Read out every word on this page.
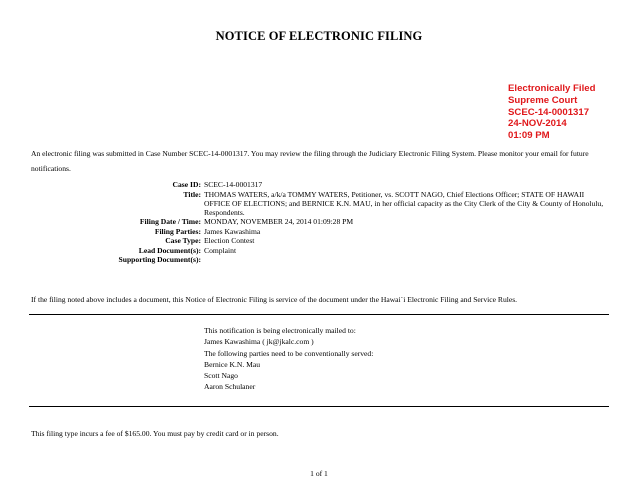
NOTICE OF ELECTRONIC FILING
Electronically Filed
Supreme Court
SCEC-14-0001317
24-NOV-2014
01:09 PM
An electronic filing was submitted in Case Number SCEC-14-0001317. You may review the filing through the Judiciary Electronic Filing System. Please monitor your email for future notifications.
Case ID:	SCEC-14-0001317
Title:	THOMAS WATERS, a/k/a TOMMY WATERS, Petitioner, vs. SCOTT NAGO, Chief Elections Officer; STATE OF HAWAII OFFICE OF ELECTIONS; and BERNICE K.N. MAU, in her official capacity as the City Clerk of the City & County of Honolulu, Respondents.
Filing Date / Time:	MONDAY, NOVEMBER 24, 2014 01:09:28 PM
Filing Parties:	James Kawashima
Case Type:	Election Contest
Lead Document(s):	Complaint
Supporting Document(s):	
If the filing noted above includes a document, this Notice of Electronic Filing is service of the document under the Hawai`i Electronic Filing and Service Rules.
This notification is being electronically mailed to:
James Kawashima ( jk@jkalc.com )
The following parties need to be conventionally served:
Bernice K.N. Mau
Scott Nago
Aaron Schulaner
This filing type incurs a fee of $165.00. You must pay by credit card or in person.
1 of 1
